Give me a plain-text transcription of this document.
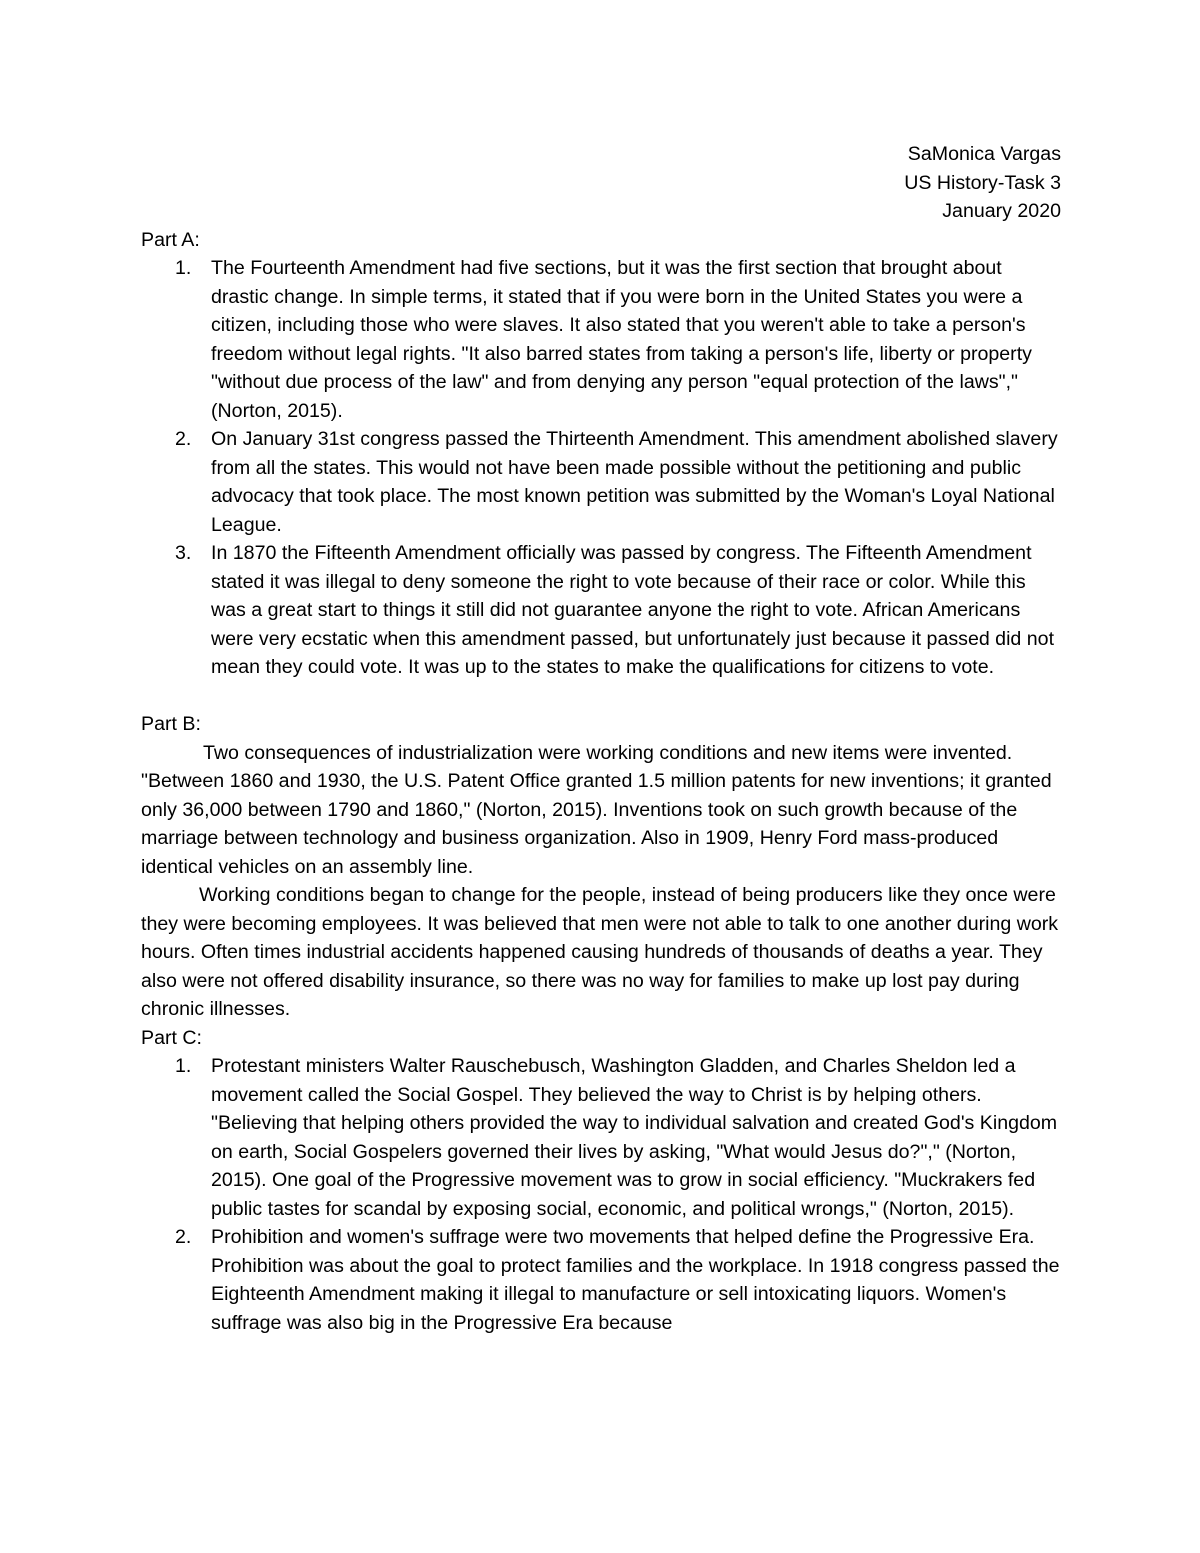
SaMonica Vargas
US History-Task 3
January 2020
Part A:
1. The Fourteenth Amendment had five sections, but it was the first section that brought about drastic change. In simple terms, it stated that if you were born in the United States you were a citizen, including those who were slaves. It also stated that you weren't able to take a person's freedom without legal rights. "It also barred states from taking a person's life, liberty or property "without due process of the law" and from denying any person "equal protection of the laws"," (Norton, 2015).
2. On January 31st congress passed the Thirteenth Amendment. This amendment abolished slavery from all the states. This would not have been made possible without the petitioning and public advocacy that took place. The most known petition was submitted by the Woman's Loyal National League.
3. In 1870 the Fifteenth Amendment officially was passed by congress. The Fifteenth Amendment stated it was illegal to deny someone the right to vote because of their race or color. While this was a great start to things it still did not guarantee anyone the right to vote. African Americans were very ecstatic when this amendment passed, but unfortunately just because it passed did not mean they could vote. It was up to the states to make the qualifications for citizens to vote.
Part B:

Two consequences of industrialization were working conditions and new items were invented. "Between 1860 and 1930, the U.S. Patent Office granted 1.5 million patents for new inventions; it granted only 36,000 between 1790 and 1860," (Norton, 2015). Inventions took on such growth because of the marriage between technology and business organization. Also in 1909, Henry Ford mass-produced identical vehicles on an assembly line.

Working conditions began to change for the people, instead of being producers like they once were they were becoming employees. It was believed that men were not able to talk to one another during work hours. Often times industrial accidents happened causing hundreds of thousands of deaths a year. They also were not offered disability insurance, so there was no way for families to make up lost pay during chronic illnesses.

Part C:
1. Protestant ministers Walter Rauschebusch, Washington Gladden, and Charles Sheldon led a movement called the Social Gospel. They believed the way to Christ is by helping others. "Believing that helping others provided the way to individual salvation and created God's Kingdom on earth, Social Gospelers governed their lives by asking, "What would Jesus do?"," (Norton, 2015). One goal of the Progressive movement was to grow in social efficiency. "Muckrakers fed public tastes for scandal by exposing social, economic, and political wrongs," (Norton, 2015).
2. Prohibition and women's suffrage were two movements that helped define the Progressive Era. Prohibition was about the goal to protect families and the workplace. In 1918 congress passed the Eighteenth Amendment making it illegal to manufacture or sell intoxicating liquors. Women's suffrage was also big in the Progressive Era because
